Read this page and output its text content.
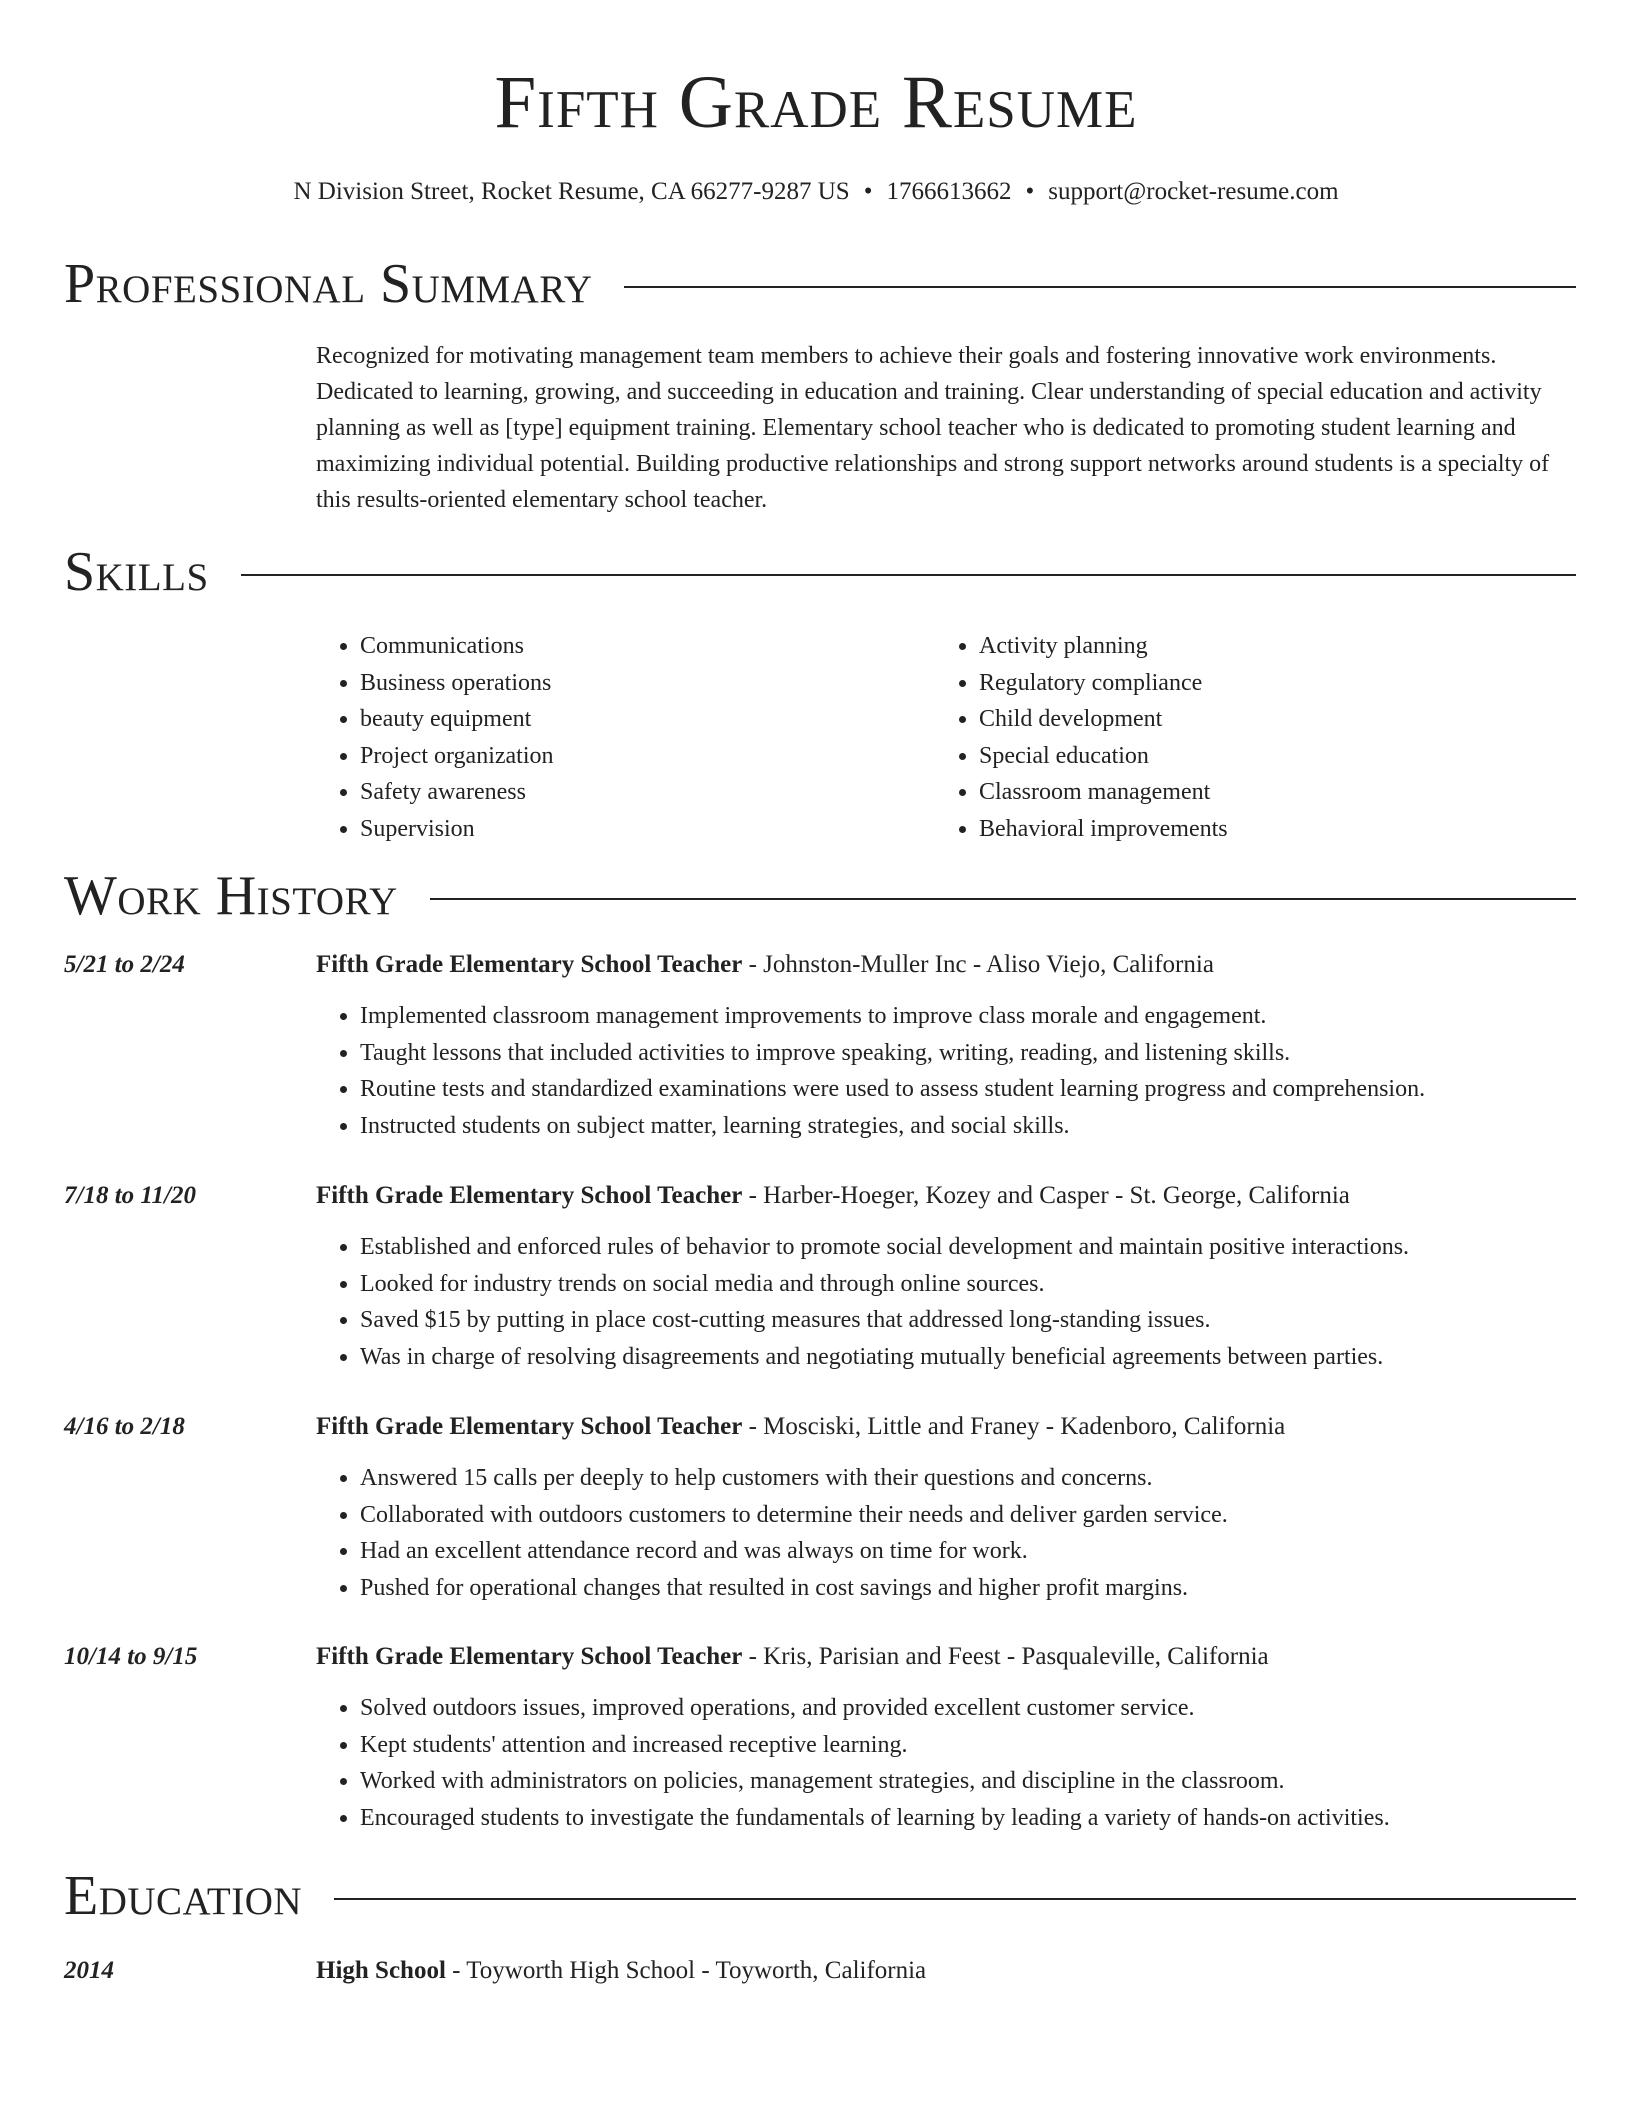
Fifth Grade Resume
N Division Street, Rocket Resume, CA 66277-9287 US • 1766613662 • support@rocket-resume.com
Professional Summary

Recognized for motivating management team members to achieve their goals and fostering innovative work environments. Dedicated to learning, growing, and succeeding in education and training. Clear understanding of special education and activity planning as well as [type] equipment training. Elementary school teacher who is dedicated to promoting student learning and maximizing individual potential. Building productive relationships and strong support networks around students is a specialty of this results-oriented elementary school teacher.

Skills
• Communications
• Business operations
• beauty equipment
• Project organization
• Safety awareness
• Supervision
• Activity planning
• Regulatory compliance
• Child development
• Special education
• Classroom management
• Behavioral improvements
Work History
5/21 to 2/24	Fifth Grade Elementary School Teacher - Johnston-Muller Inc - Aliso Viejo, California
• Implemented classroom management improvements to improve class morale and engagement.
• Taught lessons that included activities to improve speaking, writing, reading, and listening skills.
• Routine tests and standardized examinations were used to assess student learning progress and comprehension.
• Instructed students on subject matter, learning strategies, and social skills.
7/18 to 11/20	Fifth Grade Elementary School Teacher - Harber-Hoeger, Kozey and Casper - St. George, California
• Established and enforced rules of behavior to promote social development and maintain positive interactions.
• Looked for industry trends on social media and through online sources.
• Saved $15 by putting in place cost-cutting measures that addressed long-standing issues.
• Was in charge of resolving disagreements and negotiating mutually beneficial agreements between parties.
4/16 to 2/18	Fifth Grade Elementary School Teacher - Mosciski, Little and Franey - Kadenboro, California
• Answered 15 calls per deeply to help customers with their questions and concerns.
• Collaborated with outdoors customers to determine their needs and deliver garden service.
• Had an excellent attendance record and was always on time for work.
• Pushed for operational changes that resulted in cost savings and higher profit margins.
10/14 to 9/15	Fifth Grade Elementary School Teacher - Kris, Parisian and Feest - Pasqualeville, California
• Solved outdoors issues, improved operations, and provided excellent customer service.
• Kept students' attention and increased receptive learning.
• Worked with administrators on policies, management strategies, and discipline in the classroom.
• Encouraged students to investigate the fundamentals of learning by leading a variety of hands-on activities.
Education
2014	High School - Toyworth High School - Toyworth, California
